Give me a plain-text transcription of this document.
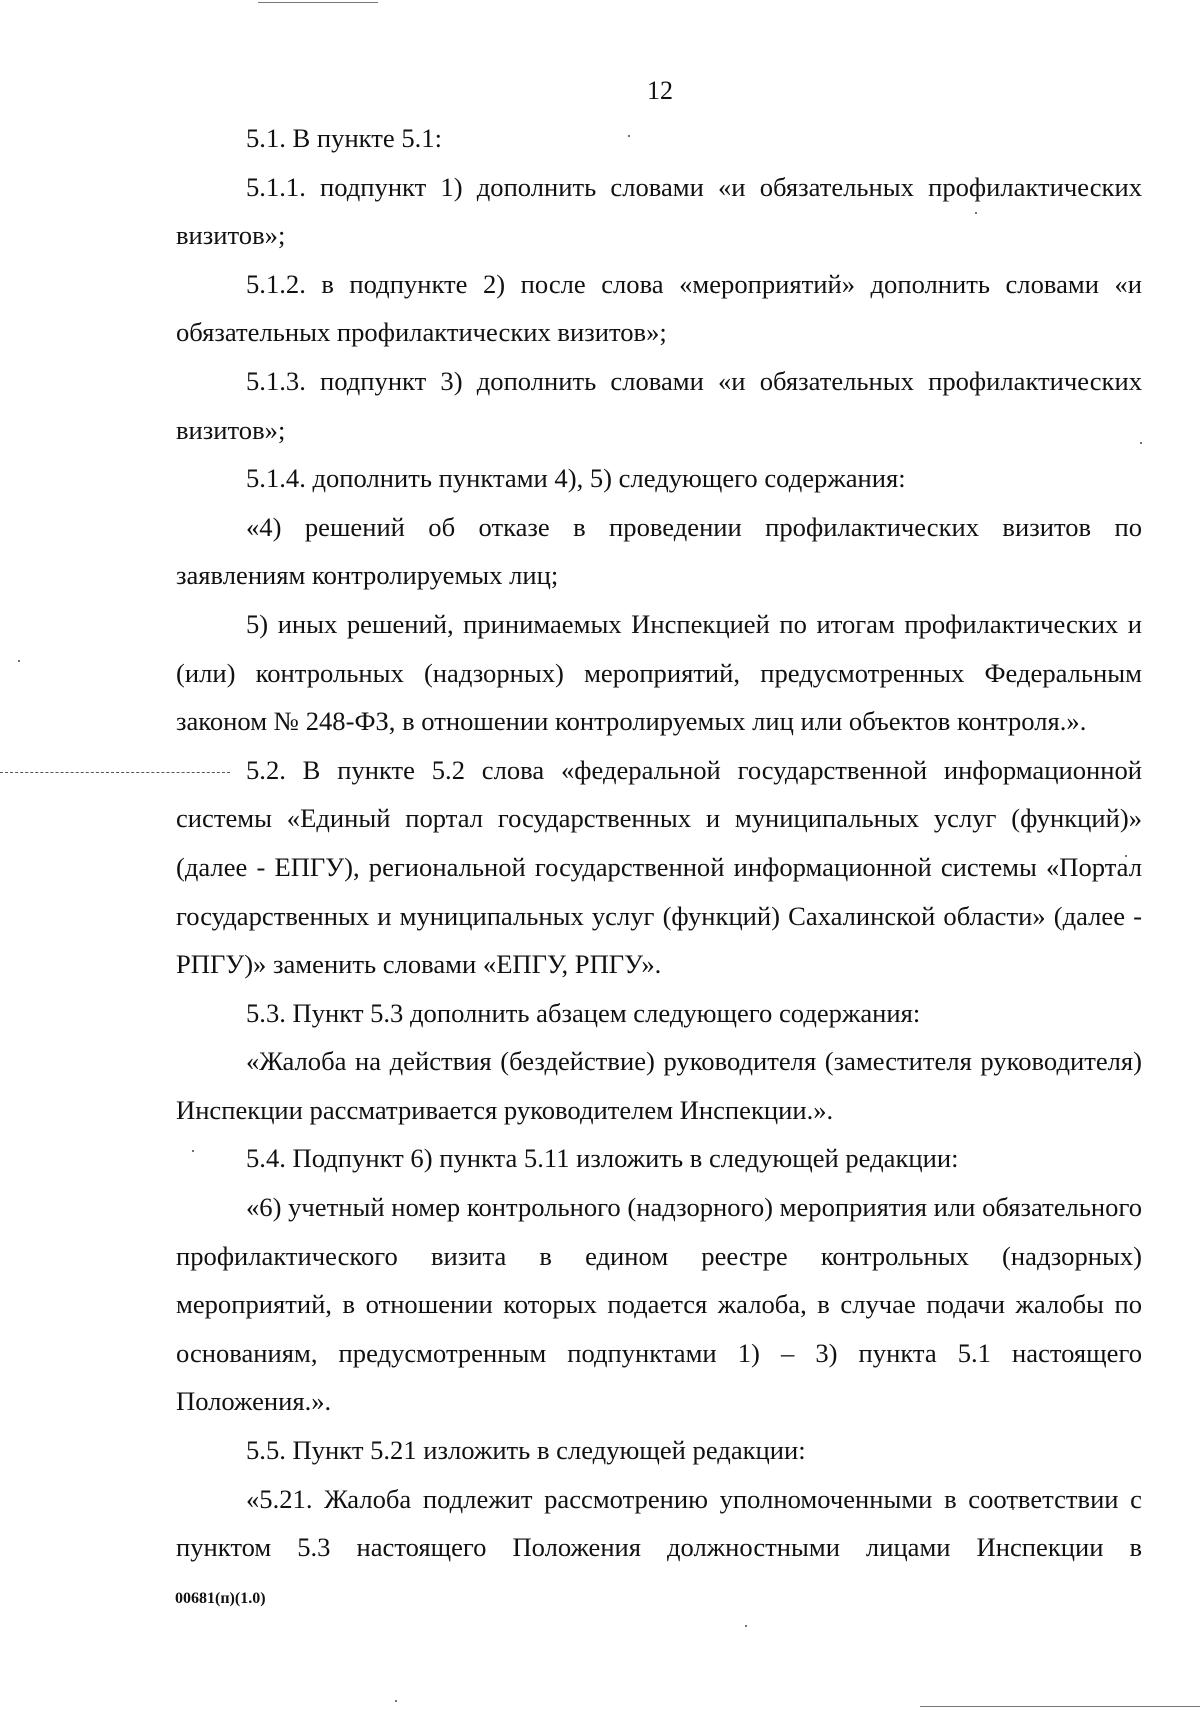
12

5.1. В пункте 5.1:

5.1.1. подпункт 1) дополнить словами «и обязательных профилактических визитов»;

5.1.2. в подпункте 2) после слова «мероприятий» дополнить словами «и обязательных профилактических визитов»;

5.1.3. подпункт 3) дополнить словами «и обязательных профилактических визитов»;

5.1.4. дополнить пунктами 4), 5) следующего содержания:

«4) решений об отказе в проведении профилактических визитов по заявлениям контролируемых лиц;

5) иных решений, принимаемых Инспекцией по итогам профилактических и (или) контрольных (надзорных) мероприятий, предусмотренных Федеральным законом № 248-ФЗ, в отношении контролируемых лиц или объектов контроля.».

5.2. В пункте 5.2 слова «федеральной государственной информационной системы «Единый портал государственных и муниципальных услуг (функций)» (далее - ЕПГУ), региональной государственной информационной системы «Портал государственных и муниципальных услуг (функций) Сахалинской области» (далее - РПГУ)» заменить словами «ЕПГУ, РПГУ».

5.3. Пункт 5.3 дополнить абзацем следующего содержания:

«Жалоба на действия (бездействие) руководителя (заместителя руководителя) Инспекции рассматривается руководителем Инспекции.».

5.4. Подпункт 6) пункта 5.11 изложить в следующей редакции:

«6) учетный номер контрольного (надзорного) мероприятия или обязательного профилактического визита в едином реестре контрольных (надзорных) мероприятий, в отношении которых подается жалоба, в случае подачи жалобы по основаниям, предусмотренным подпунктами 1) – 3) пункта 5.1 настоящего Положения.».

5.5. Пункт 5.21 изложить в следующей редакции:

«5.21. Жалоба подлежит рассмотрению уполномоченными в соответствии с пунктом 5.3 настоящего Положения должностными лицами Инспекции в

00681(п)(1.0)
